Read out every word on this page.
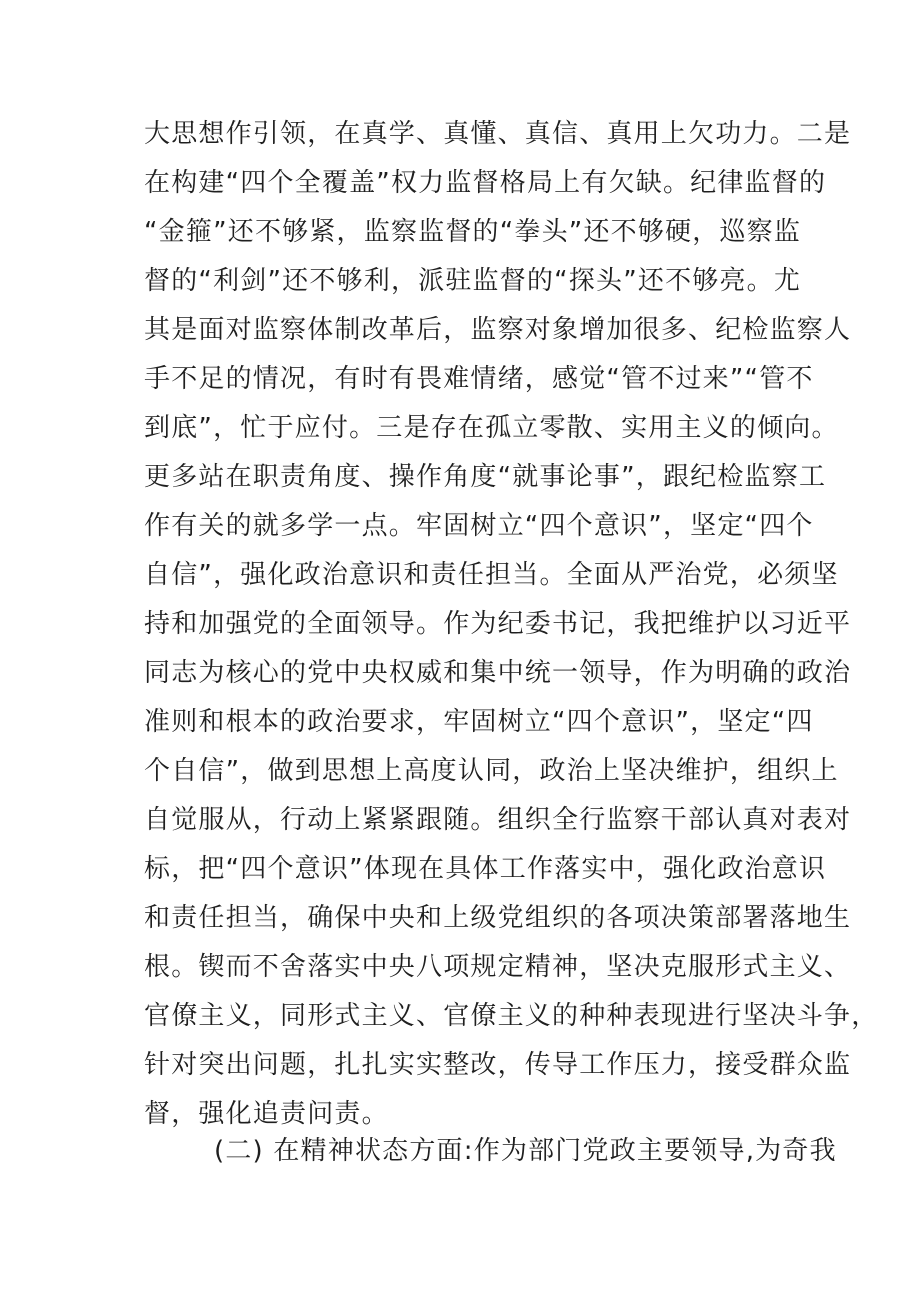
大思想作引领，在真学、真懂、真信、真用上欠功力。二是
在构建“四个全覆盖”权力监督格局上有欠缺。纪律监督的
“金箍”还不够紧，监察监督的“拳头”还不够硬，巡察监
督的“利剑”还不够利，派驻监督的“探头”还不够亮。尤
其是面对监察体制改革后，监察对象增加很多、纪检监察人
手不足的情况，有时有畏难情绪，感觉“管不过来”“管不
到底”，忙于应付。三是存在孤立零散、实用主义的倾向。
更多站在职责角度、操作角度“就事论事”，跟纪检监察工
作有关的就多学一点。牢固树立“四个意识”，坚定“四个
自信”，强化政治意识和责任担当。全面从严治党，必须坚
持和加强党的全面领导。作为纪委书记，我把维护以习近平
同志为核心的党中央权威和集中统一领导，作为明确的政治
准则和根本的政治要求，牢固树立“四个意识”，坚定“四
个自信”，做到思想上高度认同，政治上坚决维护，组织上
自觉服从，行动上紧紧跟随。组织全行监察干部认真对表对
标，把“四个意识”体现在具体工作落实中，强化政治意识
和责任担当，确保中央和上级党组织的各项决策部署落地生
根。锲而不舍落实中央八项规定精神，坚决克服形式主义、
官僚主义，同形式主义、官僚主义的种种表现进行坚决斗争，
针对突出问题，扎扎实实整改，传导工作压力，接受群众监
督，强化追责问责。
(二) 在精神状态方面:作为部门党政主要领导,为奇我
